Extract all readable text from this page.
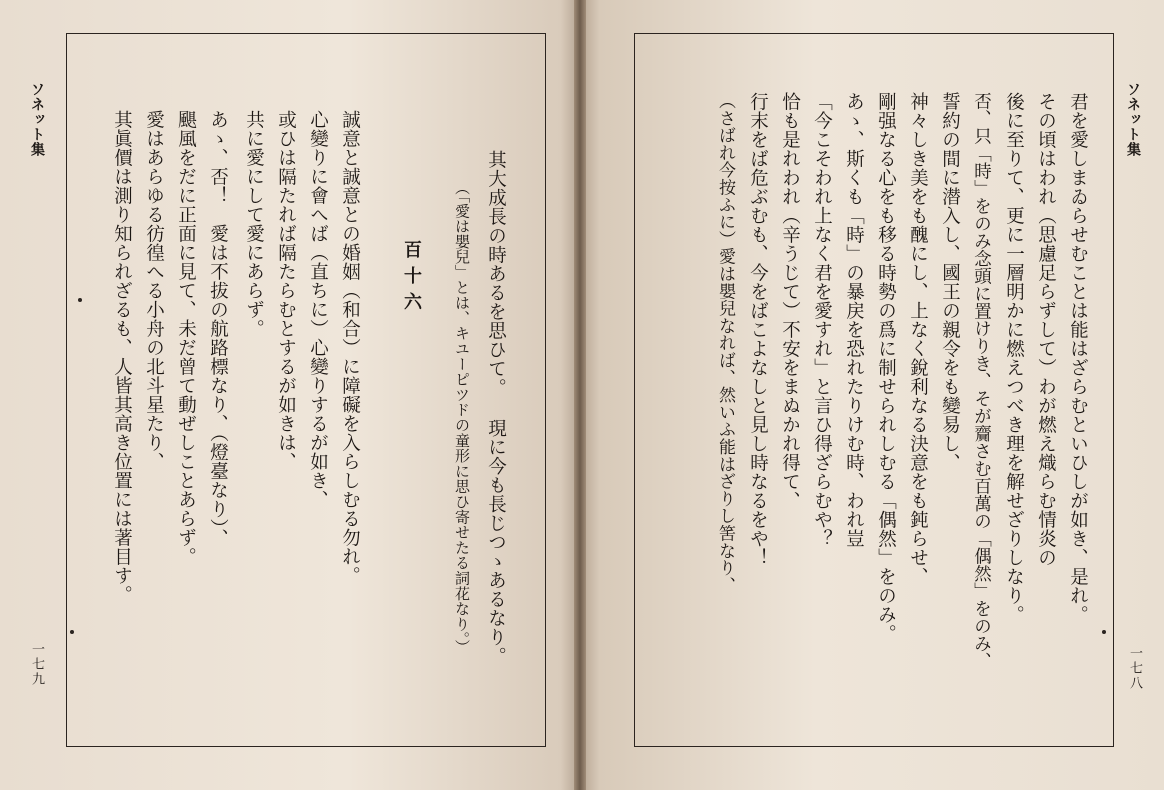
ソネット集
一七九	其大成長の時あるを思ひて。 現に今も長じつゝあるなり。
（「愛は嬰兒」とは、キユーピツドの童形に思ひ寄せたる詞花なり。）
百十六
誠意と誠意との婚姻（和合）に障礙を入らしむる勿れ。
心變りに會へば（直ちに）心變りするが如き、
或ひは隔たれば隔たらむとするが如きは、
共に愛にして愛にあらず。
あゝ、否！　愛は不拔の航路標なり、（燈臺なり）、
颶風をだに正面に見て、未だ曾て動ぜしことあらず。
愛はあらゆる彷徨へる小舟の北斗星たり、
其眞價は測り知られざるも、人皆其高き位置には著目す。	ソネット集
一七八
君を愛しまゐらせむことは能はざらむといひしが如き、是れ。
その頃はわれ（思慮足らずして）わが燃え熾らむ情炎の
後に至りて、更に一層明かに燃えつべき理を解せざりしなり。
否、只「時」をのみ念頭に置けりき、そが齎さむ百萬の「偶然」をのみ、
誓約の間に潜入し、國王の親令をも變易し、
神々しき美をも醜にし、上なく銳利なる決意をも鈍らせ、
剛强なる心をも移る時勢の爲に制せられしむる「偶然」をのみ。
あゝ、斯くも「時」の暴戻を恐れたりけむ時、われ豈
「今こそわれ上なく君を愛すれ」と言ひ得ざらむや？
恰も是れわれ（辛うじて）不安をまぬかれ得て、
行末をば危ぶむも、今をばこよなしと見し時なるをや！
（さばれ今按ふに）愛は嬰兒なれば、然いふ能はざりし筈なり、
